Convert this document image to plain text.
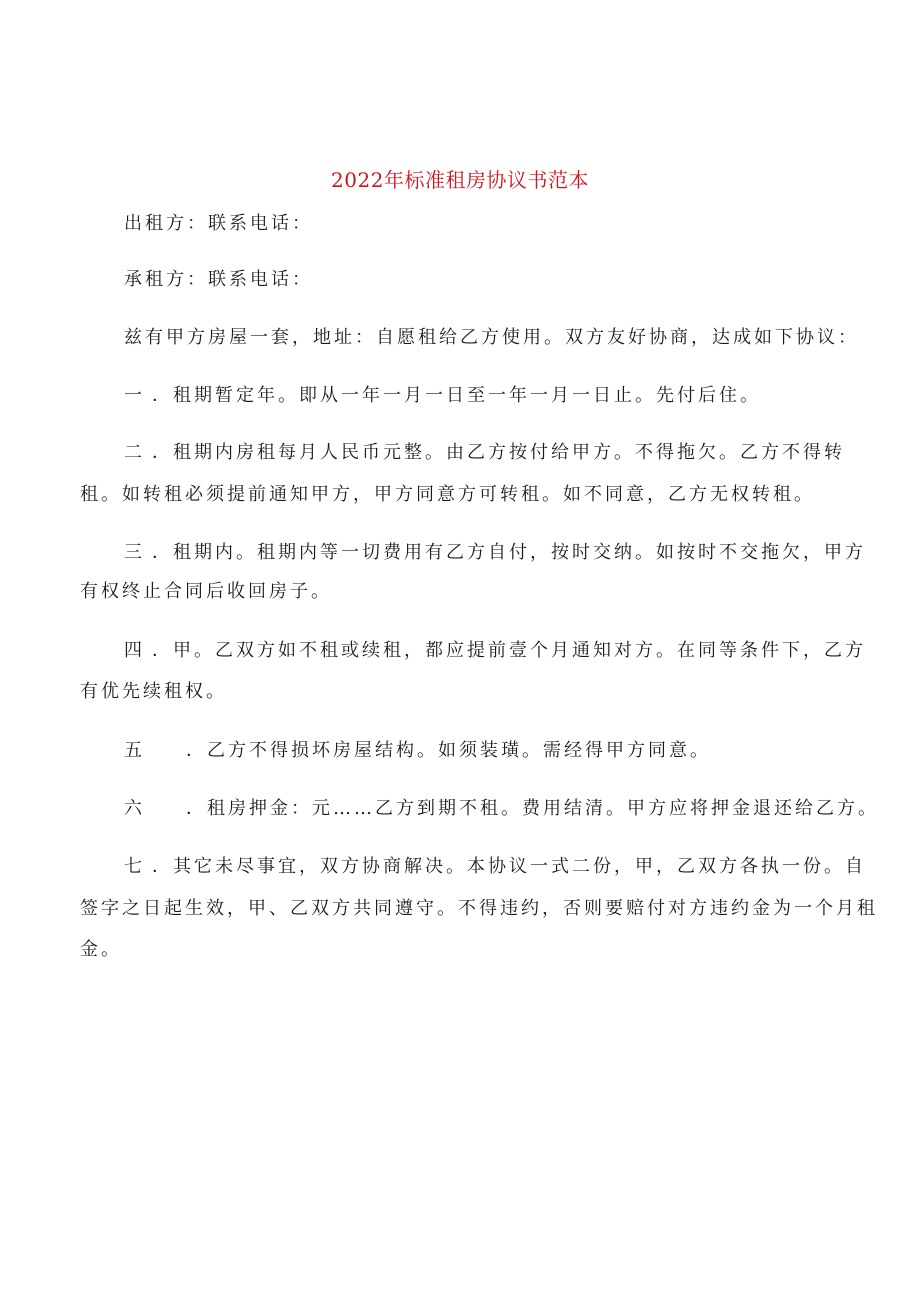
2022年标准租房协议书范本
出租方：联系电话：
承租方：联系电话：
兹有甲方房屋一套，地址：自愿租给乙方使用。双方友好协商，达成如下协议：
一 ．租期暂定年。即从一年一月一日至一年一月一日止。先付后住。
二 ．租期内房租每月人民币元整。由乙方按付给甲方。不得拖欠。乙方不得转
租。如转租必须提前通知甲方，甲方同意方可转租。如不同意，乙方无权转租。
三 ．租期内。租期内等一切费用有乙方自付，按时交纳。如按时不交拖欠，甲方
有权终止合同后收回房子。
四 ．甲。乙双方如不租或续租，都应提前壹个月通知对方。在同等条件下，乙方
有优先续租权。
五 ．乙方不得损坏房屋结构。如须装璜。需经得甲方同意。
六 ．租房押金：元……乙方到期不租。费用结清。甲方应将押金退还给乙方。
七 ．其它未尽事宜，双方协商解决。本协议一式二份，甲，乙双方各执一份。自
签字之日起生效，甲、乙双方共同遵守。不得违约，否则要赔付对方违约金为一个月租
金。
